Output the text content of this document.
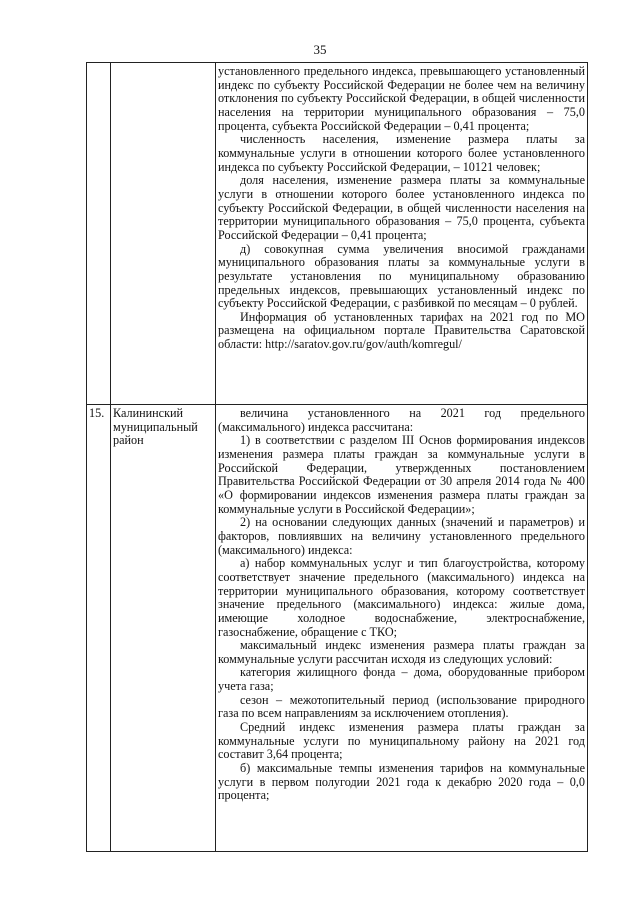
35

установленного предельного индекса, превышающего установленный индекс по субъекту Российской Федерации не более чем на величину отклонения по субъекту Российской Федерации, в общей численности населения на территории муниципального образования – 75,0 процента, субъекта Российской Федерации – 0,41 процента;

численность населения, изменение размера платы за коммунальные услуги в отношении которого более установленного индекса по субъекту Российской Федерации, – 10121 человек;

доля населения, изменение размера платы за коммунальные услуги в отношении которого более установленного индекса по субъекту Российской Федерации, в общей численности населения на территории муниципального образования – 75,0 процента, субъекта Российской Федерации – 0,41 процента;

д) совокупная сумма увеличения вносимой гражданами муниципального образования платы за коммунальные услуги в результате установления по муниципальному образованию предельных индексов, превышающих установленный индекс по субъекту Российской Федерации, с разбивкой по месяцам – 0 рублей.

Информация об установленных тарифах на 2021 год по МО размещена на официальном портале Правительства Саратовской области: http://saratov.gov.ru/gov/auth/komregul/

15. Калининский муниципальный район

величина установленного на 2021 год предельного (максимального) индекса рассчитана:

1) в соответствии с разделом III Основ формирования индексов изменения размера платы граждан за коммунальные услуги в Российской Федерации, утвержденных постановлением Правительства Российской Федерации от 30 апреля 2014 года № 400 «О формировании индексов изменения размера платы граждан за коммунальные услуги в Российской Федерации»;

2) на основании следующих данных (значений и параметров) и факторов, повлиявших на величину установленного предельного (максимального) индекса:

а) набор коммунальных услуг и тип благоустройства, которому соответствует значение предельного (максимального) индекса на территории муниципального образования, которому соответствует значение предельного (максимального) индекса: жилые дома, имеющие холодное водоснабжение, электроснабжение, газоснабжение, обращение с ТКО;

максимальный индекс изменения размера платы граждан за коммунальные услуги рассчитан исходя из следующих условий:

категория жилищного фонда – дома, оборудованные прибором учета газа;

сезон – межотопительный период (использование природного газа по всем направлениям за исключением отопления).

Средний индекс изменения размера платы граждан за коммунальные услуги по муниципальному району на 2021 год составит 3,64 процента;

б) максимальные темпы изменения тарифов на коммунальные услуги в первом полугодии 2021 года к декабрю 2020 года – 0,0 процента;
